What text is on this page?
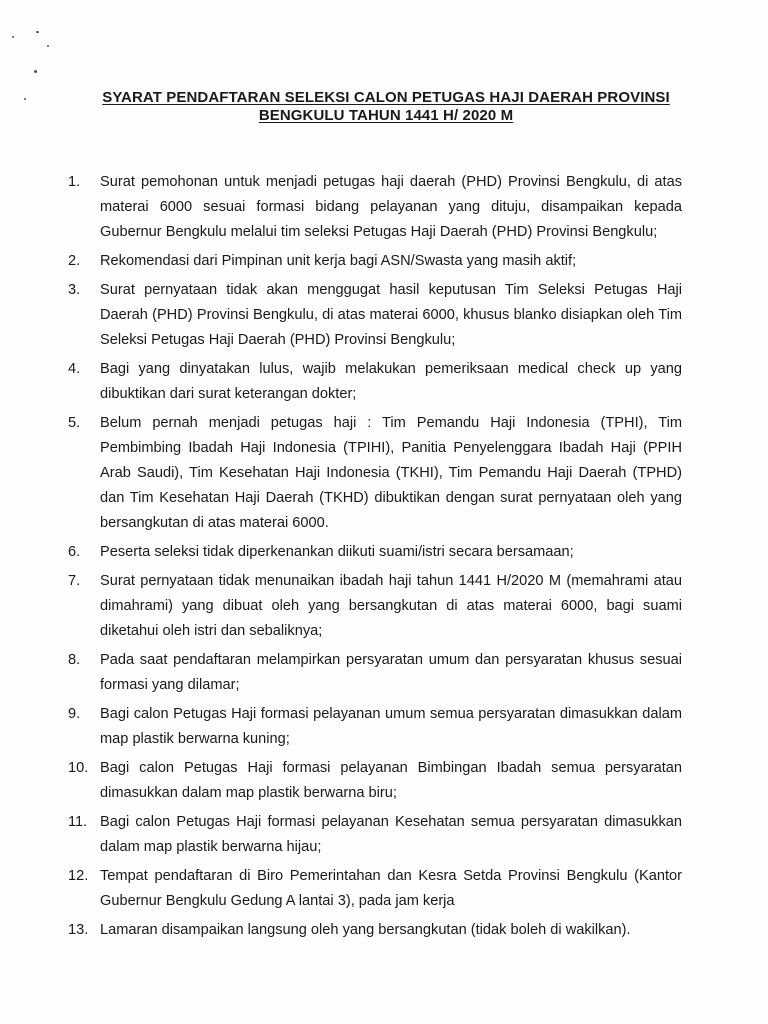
SYARAT PENDAFTARAN SELEKSI CALON PETUGAS HAJI DAERAH PROVINSI
BENGKULU TAHUN 1441 H/ 2020 M
1.	Surat pemohonan untuk menjadi petugas haji daerah (PHD) Provinsi Bengkulu, di atas materai 6000 sesuai formasi bidang pelayanan yang dituju, disampaikan kepada Gubernur Bengkulu melalui tim seleksi Petugas Haji Daerah (PHD) Provinsi Bengkulu;
2.	Rekomendasi dari Pimpinan unit kerja bagi ASN/Swasta yang masih aktif;
3.	Surat pernyataan tidak akan menggugat hasil keputusan Tim Seleksi Petugas Haji Daerah (PHD) Provinsi Bengkulu, di atas materai 6000, khusus blanko disiapkan oleh Tim Seleksi Petugas Haji Daerah (PHD) Provinsi Bengkulu;
4.	Bagi yang dinyatakan lulus, wajib melakukan pemeriksaan medical check up yang dibuktikan dari surat keterangan dokter;
5.	Belum pernah menjadi petugas haji : Tim Pemandu Haji Indonesia (TPHI), Tim Pembimbing Ibadah Haji Indonesia (TPIHI), Panitia Penyelenggara Ibadah Haji (PPIH Arab Saudi), Tim Kesehatan Haji Indonesia (TKHI), Tim Pemandu Haji Daerah (TPHD) dan Tim Kesehatan Haji Daerah (TKHD) dibuktikan dengan surat pernyataan oleh yang bersangkutan di atas materai 6000.
6.	Peserta seleksi tidak diperkenankan diikuti suami/istri secara bersamaan;
7.	Surat pernyataan tidak menunaikan ibadah haji tahun 1441 H/2020 M (memahrami atau dimahrami) yang dibuat oleh yang bersangkutan di atas materai 6000, bagi suami diketahui oleh istri dan sebaliknya;
8.	Pada saat pendaftaran melampirkan persyaratan umum dan persyaratan khusus sesuai formasi yang dilamar;
9.	Bagi calon Petugas Haji formasi pelayanan umum semua persyaratan dimasukkan dalam map plastik berwarna kuning;
10. Bagi calon Petugas Haji formasi pelayanan Bimbingan Ibadah semua persyaratan dimasukkan dalam map plastik berwarna biru;
11. Bagi calon Petugas Haji formasi pelayanan Kesehatan semua persyaratan dimasukkan dalam map plastik berwarna hijau;
12. Tempat pendaftaran di Biro Pemerintahan dan Kesra Setda Provinsi Bengkulu (Kantor Gubernur Bengkulu Gedung A lantai 3), pada jam kerja
13. Lamaran disampaikan langsung oleh yang bersangkutan (tidak boleh di wakilkan).
